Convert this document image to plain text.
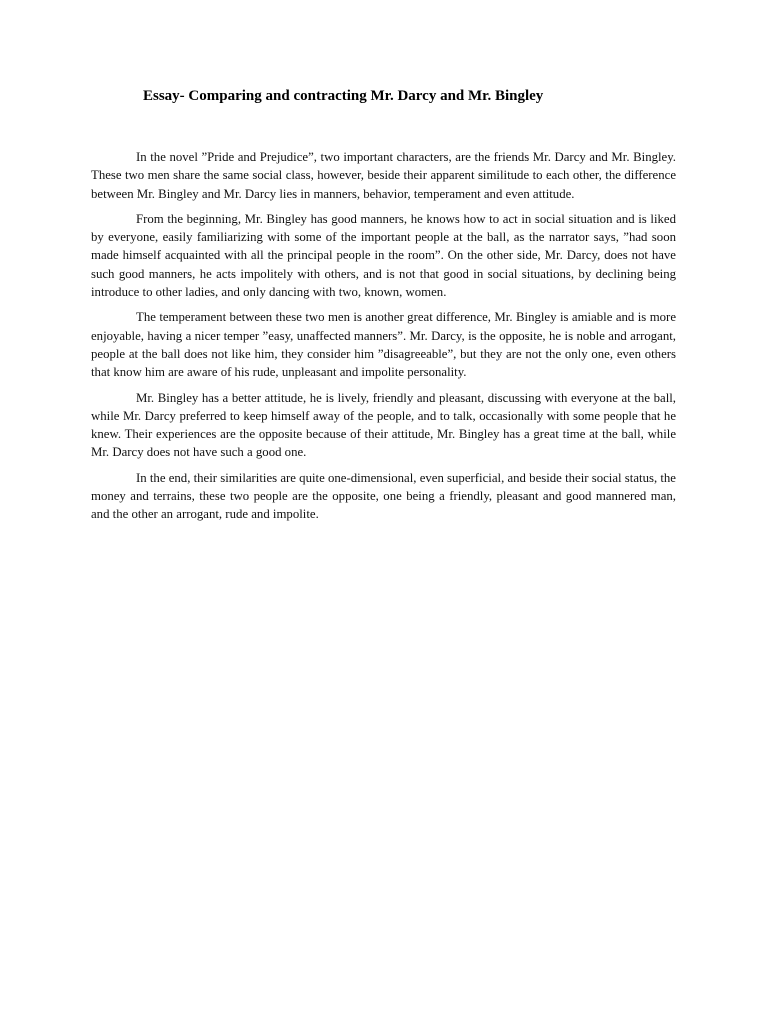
Essay- Comparing and contracting Mr. Darcy and Mr. Bingley

In the novel ”Pride and Prejudice”, two important characters, are the friends Mr. Darcy and Mr. Bingley. These two men share the same social class, however, beside their apparent similitude to each other, the difference between Mr. Bingley and Mr. Darcy lies in manners, behavior, temperament and even attitude.

From the beginning, Mr. Bingley has good manners, he knows how to act in social situation and is liked by everyone, easily familiarizing with some of the important people at the ball, as the narrator says, ”had soon made himself acquainted with all the principal people in the room”. On the other side, Mr. Darcy, does not have such good manners, he acts impolitely with others, and is not that good in social situations, by declining being introduce to other ladies, and only dancing with two, known, women.

The temperament between these two men is another great difference, Mr. Bingley is amiable and is more enjoyable, having a nicer temper ”easy, unaffected manners”. Mr. Darcy, is the opposite, he is noble and arrogant, people at the ball does not like him, they consider him ”disagreeable”, but they are not the only one, even others that know him are aware of his rude, unpleasant and impolite personality.

Mr. Bingley has a better attitude, he is lively, friendly and pleasant, discussing with everyone at the ball, while Mr. Darcy preferred to keep himself away of the people, and to talk, occasionally with some people that he knew. Their experiences are the opposite because of their attitude, Mr. Bingley has a great time at the ball, while Mr. Darcy does not have such a good one.

In the end, their similarities are quite one-dimensional, even superficial, and beside their social status, the money and terrains, these two people are the opposite, one being a friendly, pleasant and good mannered man, and the other an arrogant, rude and impolite.
